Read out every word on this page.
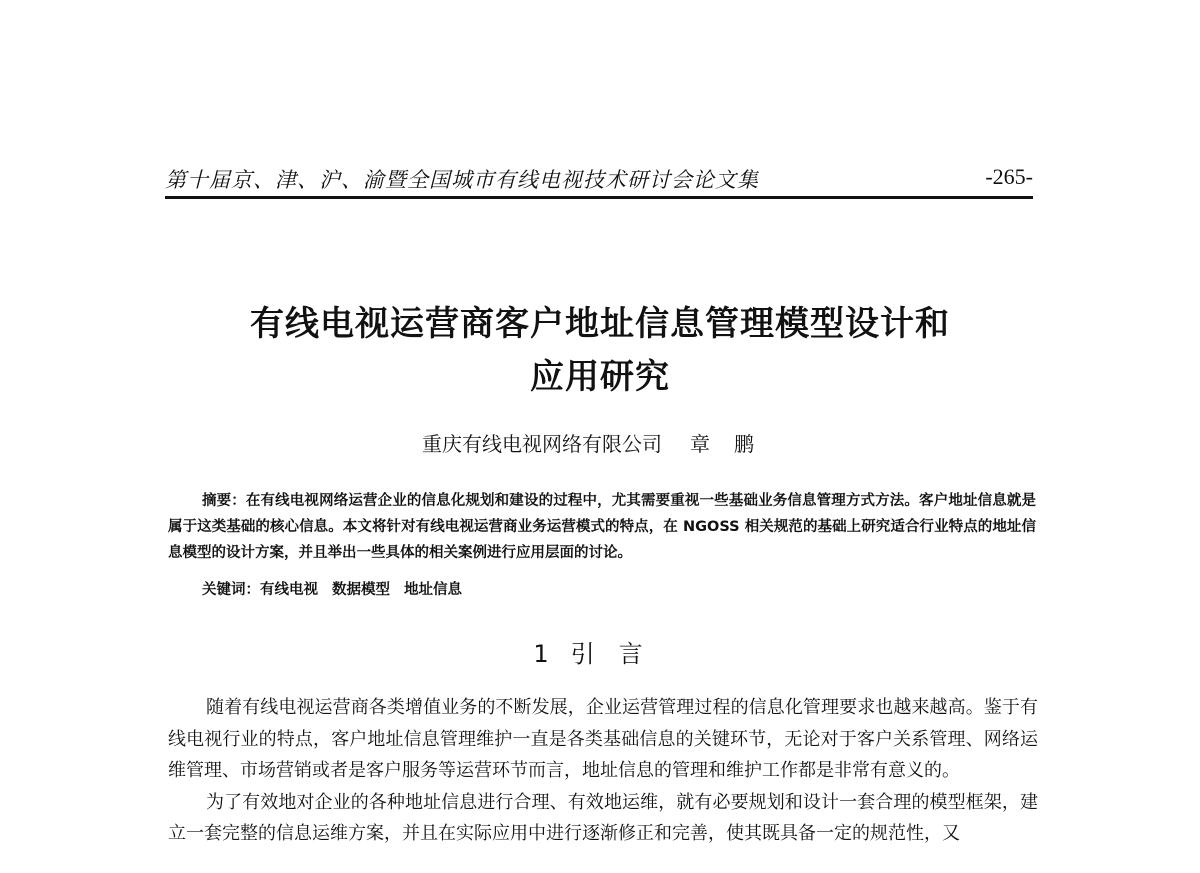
第十届京、津、沪、渝暨全国城市有线电视技术研讨会论文集	-265-
有线电视运营商客户地址信息管理模型设计和
应用研究
重庆有线电视网络有限公司 章鹏
摘要：在有线电视网络运营企业的信息化规划和建设的过程中，尤其需要重视一些基础业务信息管理方式方法。客户地址信息就是属于这类基础的核心信息。本文将针对有线电视运营商业务运营模式的特点，在 NGOSS 相关规范的基础上研究适合行业特点的地址信息模型的设计方案，并且举出一些具体的相关案例进行应用层面的讨论。
关键词：有线电视 数据模型 地址信息
1 引言

随着有线电视运营商各类增值业务的不断发展，企业运营管理过程的信息化管理要求也越来越高。鉴于有线电视行业的特点，客户地址信息管理维护一直是各类基础信息的关键环节，无论对于客户关系管理、网络运维管理、市场营销或者是客户服务等运营环节而言，地址信息的管理和维护工作都是非常有意义的。

为了有效地对企业的各种地址信息进行合理、有效地运维，就有必要规划和设计一套合理的模型框架，建立一套完整的信息运维方案，并且在实际应用中进行逐渐修正和完善，使其既具备一定的规范性，又
